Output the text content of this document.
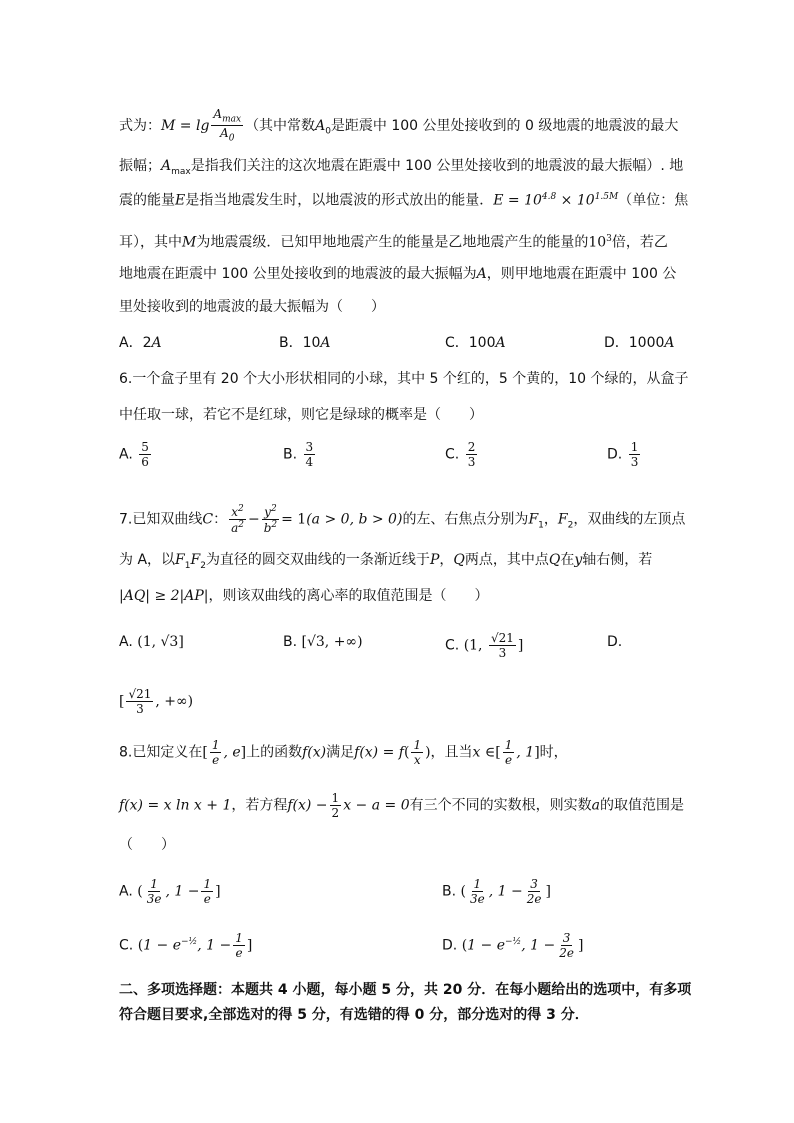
式为：$M = \lg \frac{A_{max}}{A_0}$ （其中常数$A_0$是距震中 100 公里处接收到的 0 级地震的地震波的最大
振幅；$A_{max}$是指我们关注的这次地震在距震中 100 公里处接收到的地震波的最大振幅）. 地
震的能量E是指当地震发生时，以地震波的形式放出的能量．$E = 10^{4.8} \times 10^{1.5M}$（单位：焦
耳），其中M为地震震级．已知甲地地震产生的能量是乙地地震产生的能量的$10^3$倍，若乙
地地震在距震中 100 公里处接收到的地震波的最大振幅为A，则甲地地震在距震中 100 公
里处接收到的地震波的最大振幅为（　　）
A．2A	B．10A	C．100A	D．1000A
6.一个盒子里有 20 个大小形状相同的小球，其中 5 个红的，5 个黄的，10 个绿的，从盒子
中任取一球，若它不是红球，则它是绿球的概率是（　　）
A. $\frac{5}{6}$	B. $\frac{3}{4}$	C. $\frac{2}{3}$	D. $\frac{1}{3}$
7.已知双曲线C： $\frac{x^2}{a^2} - \frac{y^2}{b^2} = 1(a > 0$, b > 0)的左、右焦点分别为$F_1$，$F_2$，双曲线的左顶点
为 A，以$F_1F_2$为直径的圆交双曲线的一条渐近线于P，Q两点，其中点Q在y轴右侧，若
|AQ| ≥ 2|AP|，则该双曲线的离心率的取值范围是（　　）
A. (1, √3]	B. [√3, +∞)	C. (1, $\frac{√21}{3}$ ]	D.
[ $\frac{√21}{3}$ , +∞)
8.已知定义在[ $\frac{1}{e}$ , e]上的函数f(x)满足$f(x) = f( \frac{1}{x}$ )，且当x ∈[ $\frac{1}{e}$ , 1]时，
f(x) = x ln x + 1，若方程$f(x) - \frac{1}{2}$ x − a = 0有三个不同的实数根，则实数a的取值范围是
（　　）
A. ( $\frac{1}{3e}$ , $1 - \frac{1}{e}$ ]	B. ( $\frac{1}{3e}$ , $1 - \frac{3}{2e}$ ]
C. ($1 - e^{-\frac{1}{2}}$, $1 - \frac{1}{e}$ ]	D. ($1 - e^{-\frac{1}{2}}$, $1 - \frac{3}{2e}$ ]
二、多项选择题：本题共 4 小题，每小题 5 分，共 20 分．在每小题给出的选项中，有多项
符合题目要求,全部选对的得 5 分，有选错的得 0 分，部分选对的得 3 分．
